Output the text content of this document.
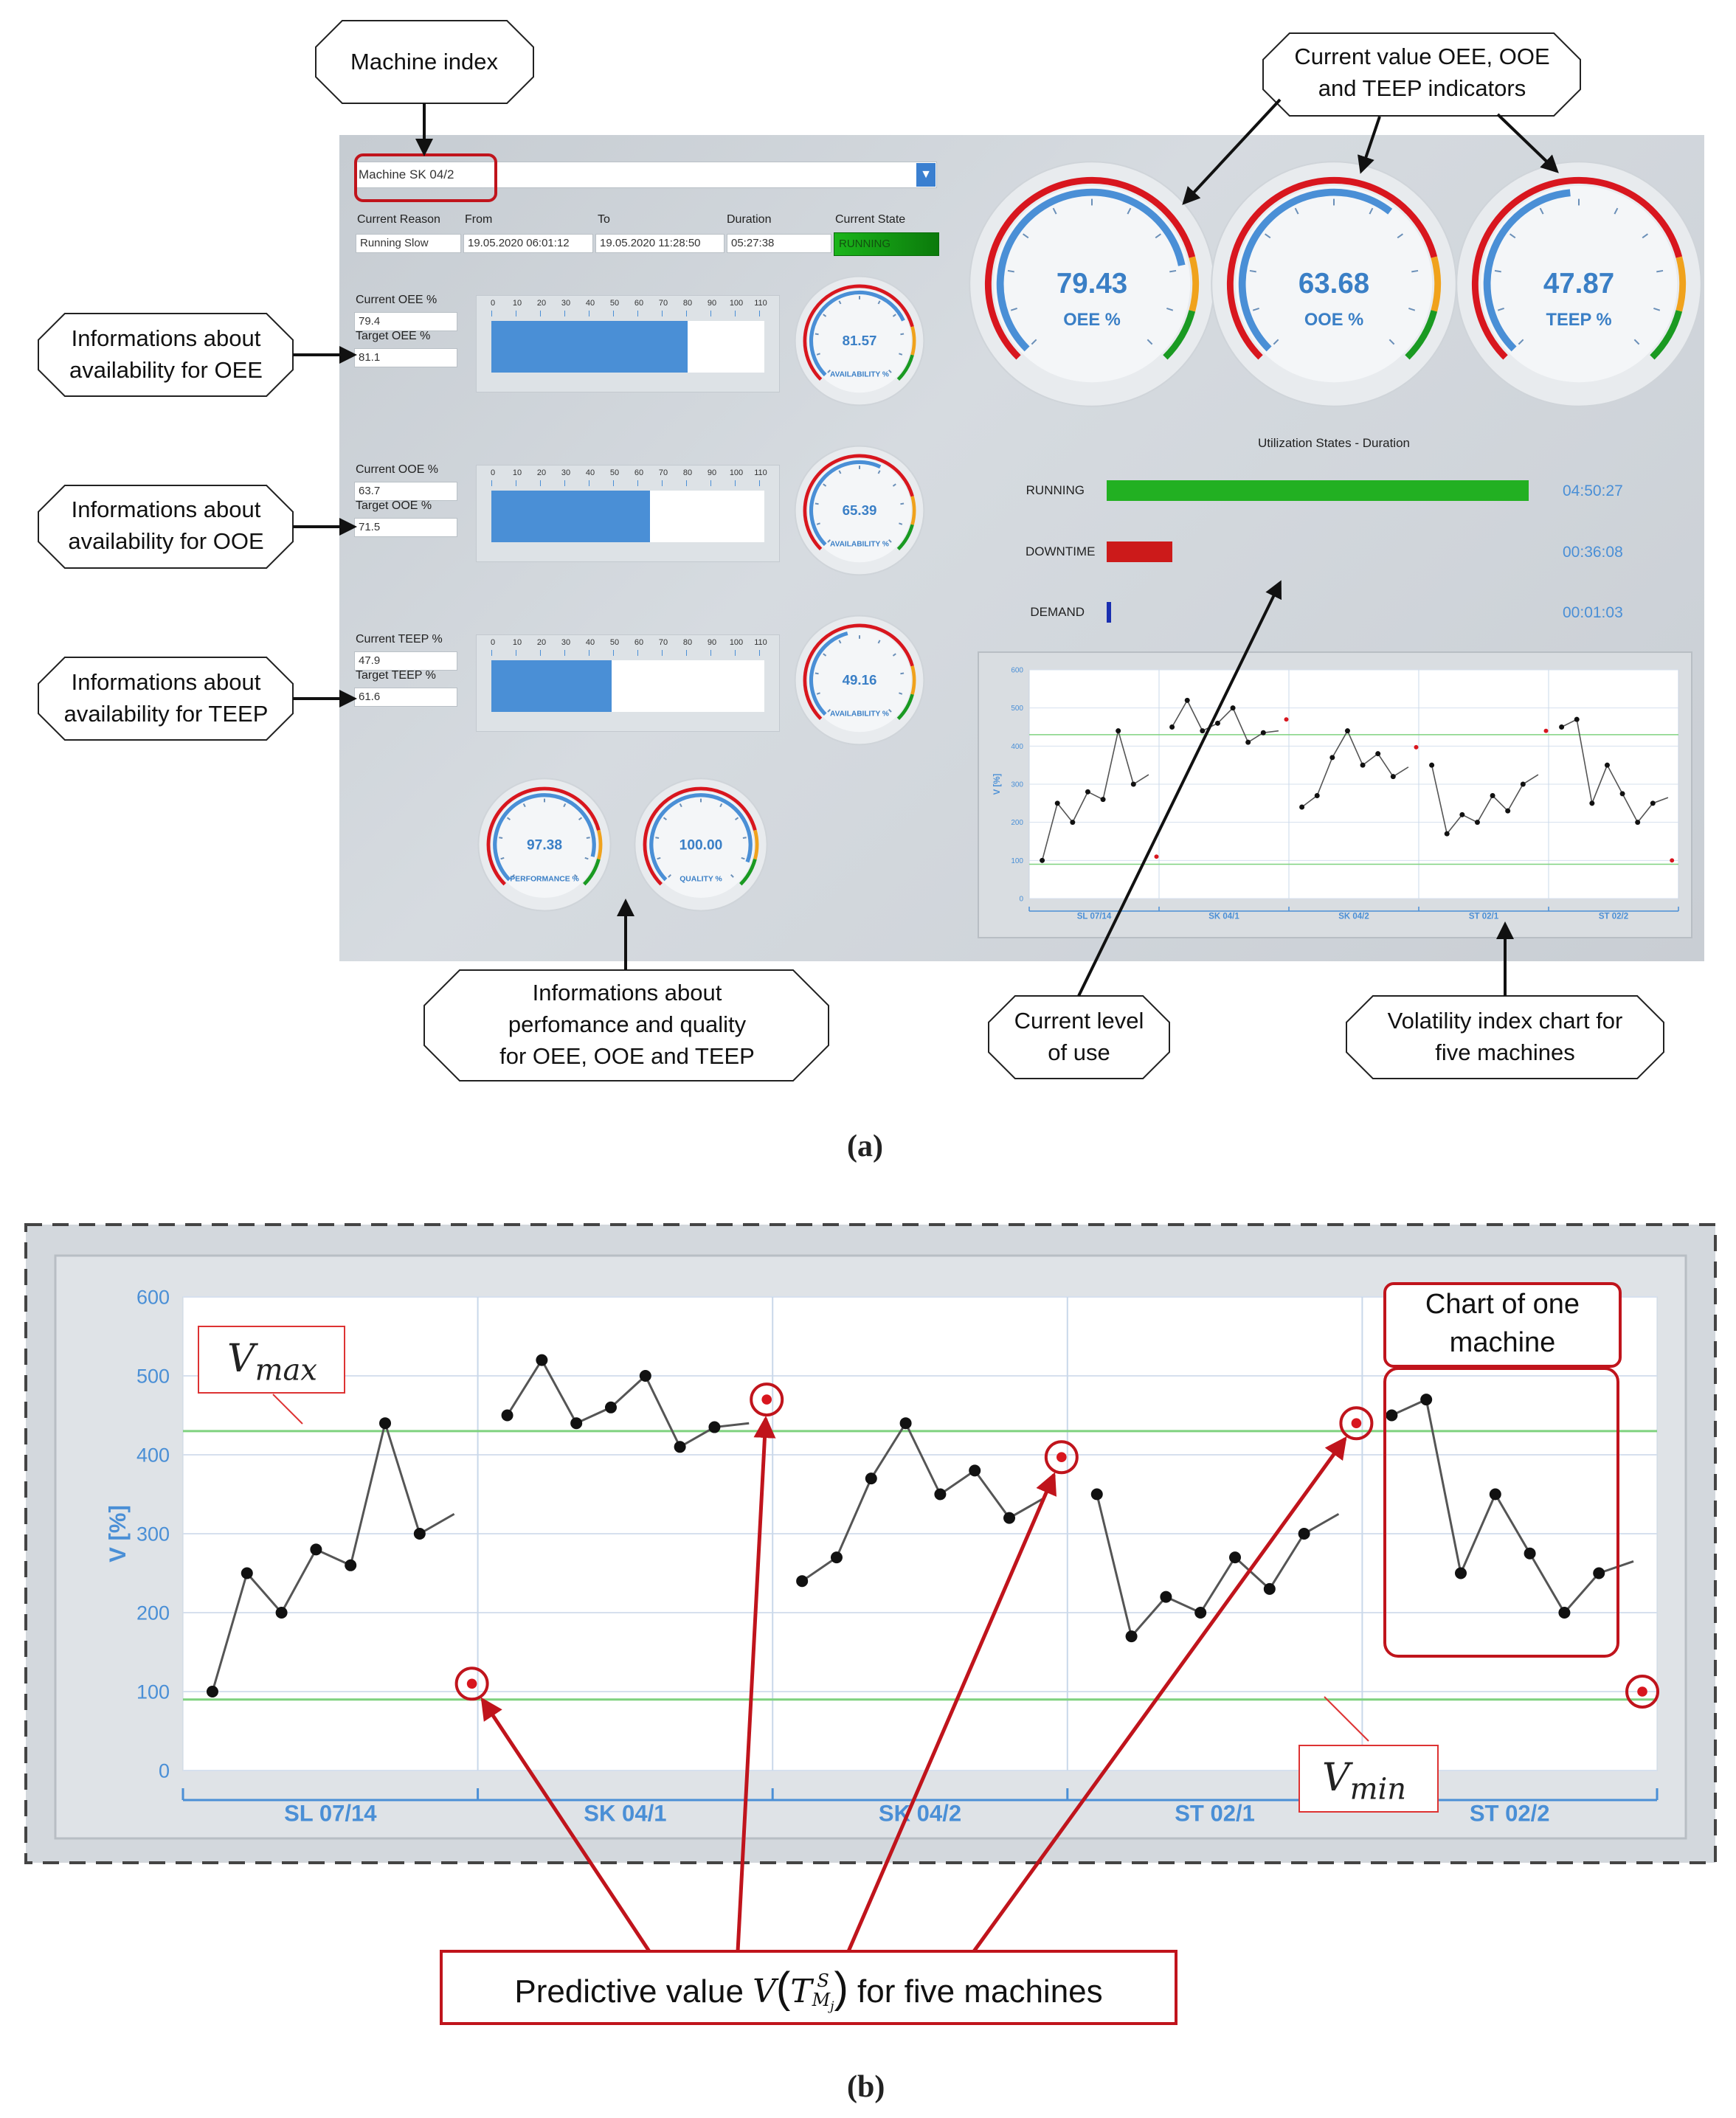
Machine SK 04/2	▼
Current Reason From	To	Duration	Current State
Running Slow	19.05.2020 06:01:12	19.05.2020 11:28:50	05:27:38	RUNNING
Current OEE %
79.4
Target OEE %
81.1
0	10	20	30	40	50	60	70	80	90	100 110
Current OOE %
63.7
Target OOE %
71.5
0	10	20	30	40	50	60	70	80	90	100 110
Current TEEP %
47.9
Target TEEP %
61.6
0	10	20	30	40	50	60	70	80	90	100 110
81.57
AVAILABILITY %
65.39
AVAILABILITY %
49.16
AVAILABILITY %
97.38
PERFORMANCE %
100.00
QUALITY %
79.43
OEE %
63.68
OOE %
47.87
TEEP %
Utilization States - Duration
RUNNING	04:50:27
DOWNTIME	00:36:08
DEMAND	00:01:03
0
100
200
300
400
500
600
V [%]
SL 07/14	SK 04/1	SK 04/2	ST 02/1	ST 02/2
Machine index	Current value OEE, OOE
and TEEP indicators
Informations about
availability for OEE
Informations about
availability for OOE
Informations about
availability for TEEP
Informations about
perfomance and quality
for OEE, OOE and TEEP
Current level
of use
Volatility index chart for
five machines
(a)
0
100
200
300
400
500
600
V [%]
SL 07/14	SK 04/1	SK 04/2	ST 02/1	ST 02/2
Chart of one
machine
$V_{max}$
$V_{min}$
Predictive value V(T S
$M_j$ ) for five machines
(b)
